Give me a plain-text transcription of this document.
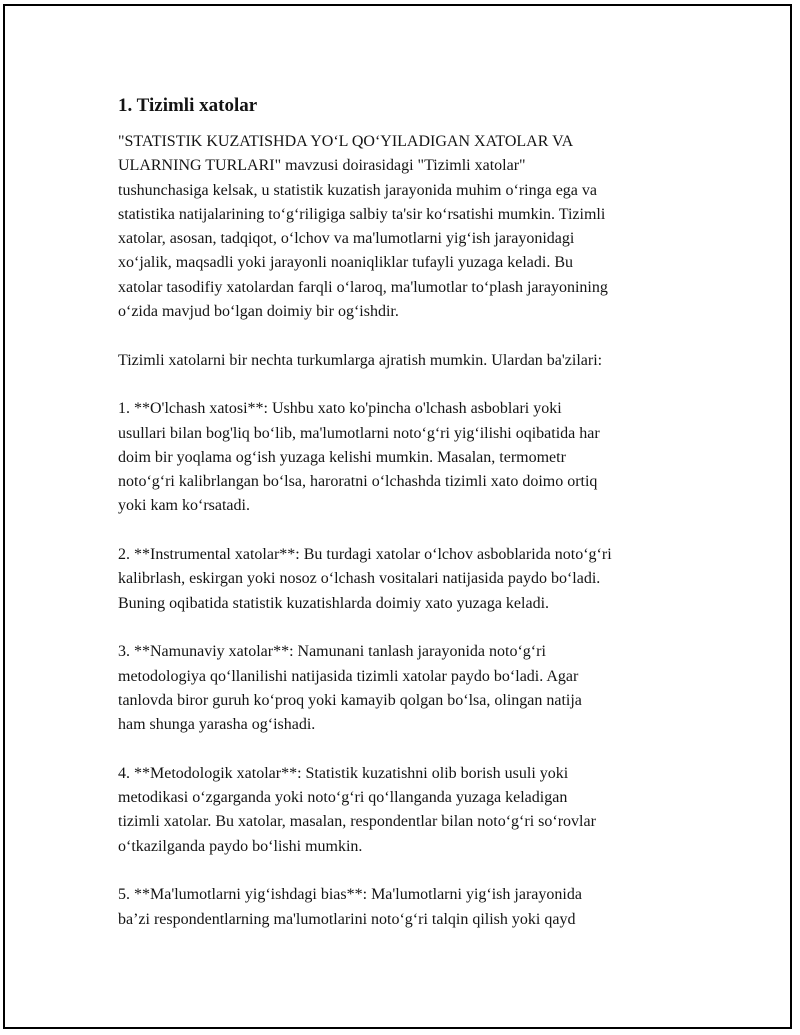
1. Tizimli xatolar

"STATISTIK KUZATISHDA YO‘L QO‘YILADIGAN XATOLAR VA
ULARNING TURLARI" mavzusi doirasidagi "Tizimli xatolar"
tushunchasiga kelsak, u statistik kuzatish jarayonida muhim o‘ringa ega va
statistika natijalarining to‘g‘riligiga salbiy ta'sir ko‘rsatishi mumkin. Tizimli
xatolar, asosan, tadqiqot, o‘lchov va ma'lumotlarni yig‘ish jarayonidagi
xo‘jalik, maqsadli yoki jarayonli noaniqliklar tufayli yuzaga keladi. Bu
xatolar tasodifiy xatolardan farqli o‘laroq, ma'lumotlar to‘plash jarayonining
o‘zida mavjud bo‘lgan doimiy bir og‘ishdir.

Tizimli xatolarni bir nechta turkumlarga ajratish mumkin. Ulardan ba'zilari:

1. **O'lchash xatosi**: Ushbu xato ko'pincha o'lchash asboblari yoki
usullari bilan bog'liq bo‘lib, ma'lumotlarni noto‘g‘ri yig‘ilishi oqibatida har
doim bir yoqlama og‘ish yuzaga kelishi mumkin. Masalan, termometr
noto‘g‘ri kalibrlangan bo‘lsa, haroratni o‘lchashda tizimli xato doimo ortiq
yoki kam ko‘rsatadi.

2. **Instrumental xatolar**: Bu turdagi xatolar o‘lchov asboblarida noto‘g‘ri
kalibrlash, eskirgan yoki nosoz o‘lchash vositalari natijasida paydo bo‘ladi.
Buning oqibatida statistik kuzatishlarda doimiy xato yuzaga keladi.

3. **Namunaviy xatolar**: Namunani tanlash jarayonida noto‘g‘ri
metodologiya qo‘llanilishi natijasida tizimli xatolar paydo bo‘ladi. Agar
tanlovda biror guruh ko‘proq yoki kamayib qolgan bo‘lsa, olingan natija
ham shunga yarasha og‘ishadi.

4. **Metodologik xatolar**: Statistik kuzatishni olib borish usuli yoki
metodikasi o‘zgarganda yoki noto‘g‘ri qo‘llanganda yuzaga keladigan
tizimli xatolar. Bu xatolar, masalan, respondentlar bilan noto‘g‘ri so‘rovlar
o‘tkazilganda paydo bo‘lishi mumkin.

5. **Ma'lumotlarni yig‘ishdagi bias**: Ma'lumotlarni yig‘ish jarayonida
ba’zi respondentlarning ma'lumotlarini noto‘g‘ri talqin qilish yoki qayd
